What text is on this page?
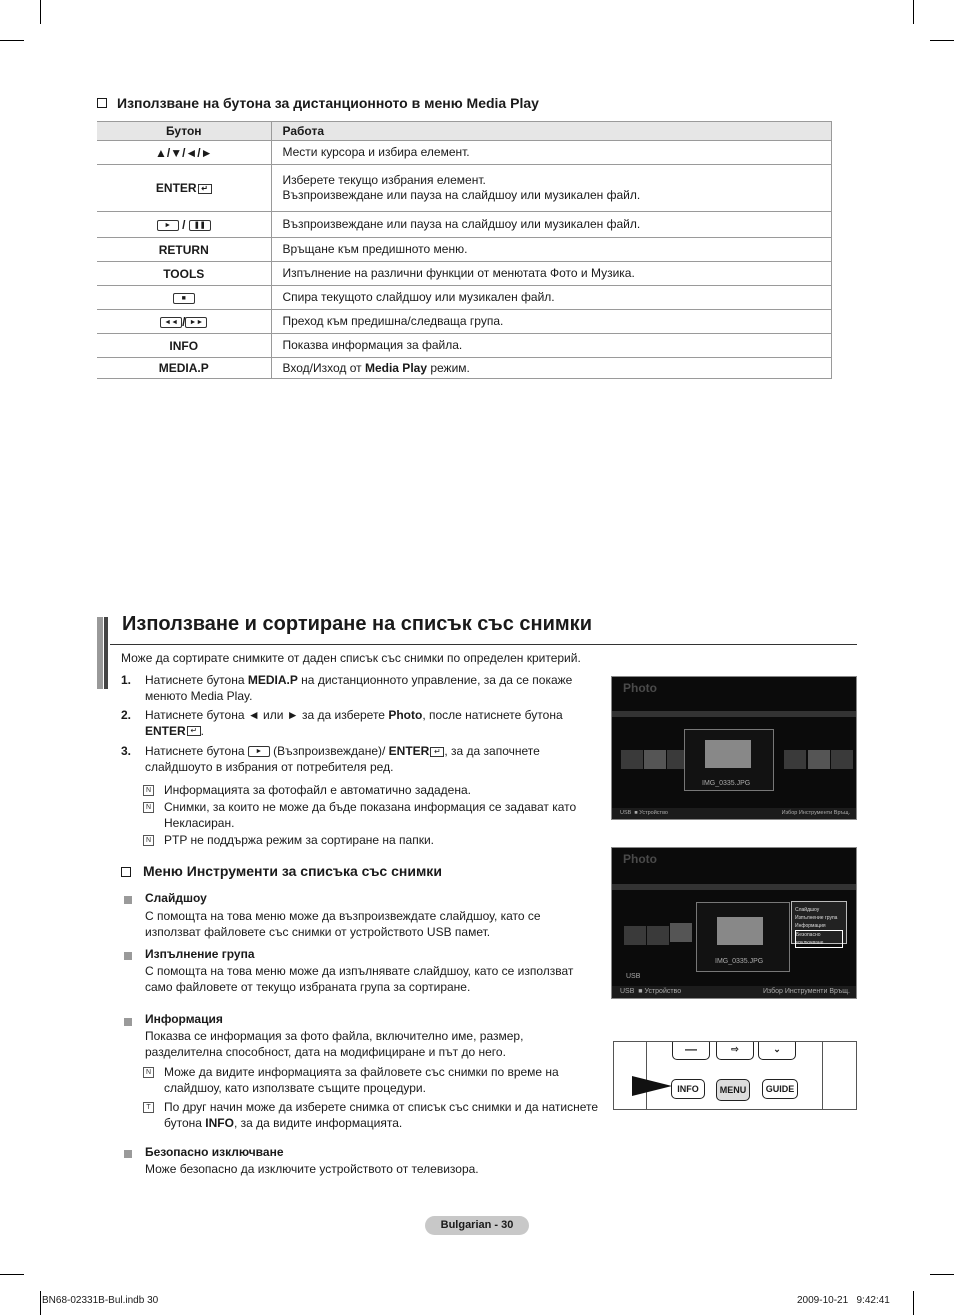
Използване на бутона за дистанционното в меню Media Play
Бутон	Работа
▲/▼/◄/►	Мести курсора и избира елемент.
ENTER ↵	Изберете текущо избрания елемент.
Възпроизвеждане или пауза на слайдшоу или музикален файл.

► / ❚❚	Възпроизвеждане или пауза на слайдшоу или музикален файл.
RETURN	Връщане към предишното меню.
TOOLS	Изпълнение на различни функции от менютата Фото и Музика.
■	Спира текущото слайдшоу или музикален файл.
◄◄ / ►►	Преход към предишна/следваща група.
INFO	Показва информация за файла.
MEDIA.P	Вход/Изход от Media Play режим.
Използване и сортиране на списък със снимки
Може да сортирате снимките от даден списък със снимки по определен критерий.
1. Натиснете бутона MEDIA.P на дистанционното управление, за да се покаже менюто Media Play.
2. Натиснете бутона ◄ или ► за да изберете Photo, после натиснете бутона
ENTER ↵ .
3. Натиснете бутона ► (Възпроизвеждане)/ ENTER ↵ , за да започнете слайдшоуто в избрания от потребителя ред.
N Информацията за фотофайл е автоматично зададена.
N Снимки, за които не може да бъде показана информация се задават като Некласиран.
N PTP не поддържа режим за сортиране на папки.
Меню Инструменти за списъка със снимки
Слайдшоу
С помощта на това меню може да възпроизвеждате слайдшоу, като се използват файловете със снимки от устройството USB памет.
Изпълнение група
С помощта на това меню може да изпълнявате слайдшоу, като се използват само файловете от текущо избраната група за сортиране.
Информация
Показва се информация за фото файла, включително име, размер, разделителна способност, дата на модифициране и път до него.
N Може да видите информацията за файловете със снимки по време на слайдшоу, като използвате същите процедури.
T По друг начин може да изберете снимка от списък със снимки и да натиснете бутона INFO, за да видите информацията.
Безопасно изключване
Може безопасно да изключите устройството от телевизора.
Photo
IMG_0335.JPG
USB  ■ Устройство	Избор Инструменти Връщ.
Photo
IMG_0335.JPG
USB
Слайдшоу
Изпълнение група
Информация
Безопасно изключване
USB  ■ Устройство	Избор Инструменти Връщ.
—	⇨	⌄
INFO	MENU	GUIDE
Bulgarian - 30
BN68-02331B-Bul.indb 30	2009-10-21   9:42:41
